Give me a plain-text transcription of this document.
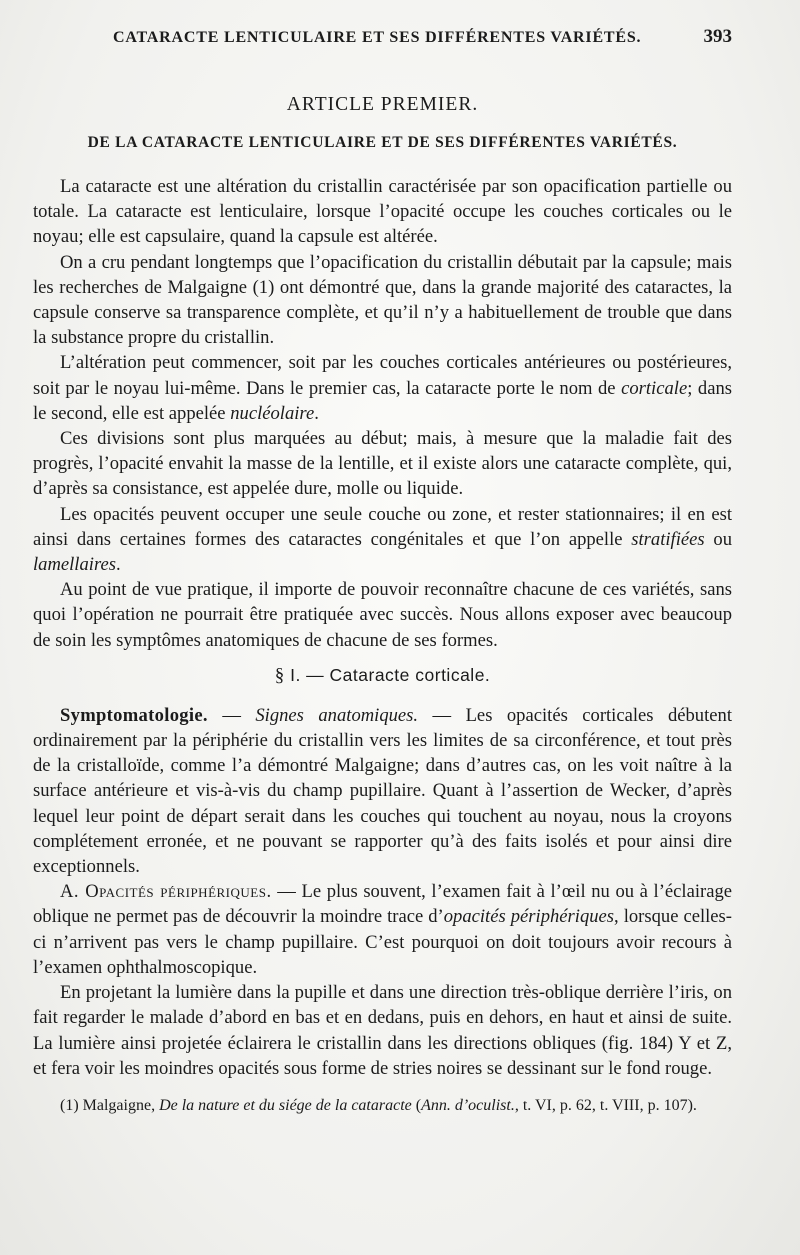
CATARACTE LENTICULAIRE ET SES DIFFÉRENTES VARIÉTÉS.	393
ARTICLE PREMIER.
DE LA CATARACTE LENTICULAIRE ET DE SES DIFFÉRENTES VARIÉTÉS.

La cataracte est une altération du cristallin caractérisée par son opacification partielle ou totale. La cataracte est lenticulaire, lorsque l’opacité occupe les couches corticales ou le noyau; elle est capsulaire, quand la capsule est altérée.

On a cru pendant longtemps que l’opacification du cristallin débutait par la capsule; mais les recherches de Malgaigne (1) ont démontré que, dans la grande majorité des cataractes, la capsule conserve sa transparence complète, et qu’il n’y a habituellement de trouble que dans la substance propre du cristallin.

L’altération peut commencer, soit par les couches corticales antérieures ou postérieures, soit par le noyau lui-même. Dans le premier cas, la cataracte porte le nom de corticale; dans le second, elle est appelée nucléolaire.

Ces divisions sont plus marquées au début; mais, à mesure que la maladie fait des progrès, l’opacité envahit la masse de la lentille, et il existe alors une cataracte complète, qui, d’après sa consistance, est appelée dure, molle ou liquide.

Les opacités peuvent occuper une seule couche ou zone, et rester stationnaires; il en est ainsi dans certaines formes des cataractes congénitales et que l’on appelle stratifiées ou lamellaires.

Au point de vue pratique, il importe de pouvoir reconnaître chacune de ces variétés, sans quoi l’opération ne pourrait être pratiquée avec succès. Nous allons exposer avec beaucoup de soin les symptômes anatomiques de chacune de ses formes.

§ I. — Cataracte corticale.

Symptomatologie. — Signes anatomiques. — Les opacités corticales débutent ordinairement par la périphérie du cristallin vers les limites de sa circonférence, et tout près de la cristalloïde, comme l’a démontré Malgaigne; dans d’autres cas, on les voit naître à la surface antérieure et vis-à-vis du champ pupillaire. Quant à l’assertion de Wecker, d’après lequel leur point de départ serait dans les couches qui touchent au noyau, nous la croyons complétement erronée, et ne pouvant se rapporter qu’à des faits isolés et pour ainsi dire exceptionnels.

A. Opacités périphériques. — Le plus souvent, l’examen fait à l’œil nu ou à l’éclairage oblique ne permet pas de découvrir la moindre trace d’opacités périphériques, lorsque celles-ci n’arrivent pas vers le champ pupillaire. C’est pourquoi on doit toujours avoir recours à l’examen ophthalmoscopique.

En projetant la lumière dans la pupille et dans une direction très-oblique derrière l’iris, on fait regarder le malade d’abord en bas et en dedans, puis en dehors, en haut et ainsi de suite. La lumière ainsi projetée éclairera le cristallin dans les directions obliques (fig. 184) Y et Z, et fera voir les moindres opacités sous forme de stries noires se dessinant sur le fond rouge.

(1) Malgaigne, De la nature et du siége de la cataracte (Ann. d’oculist., t. VI, p. 62, t. VIII, p. 107).
